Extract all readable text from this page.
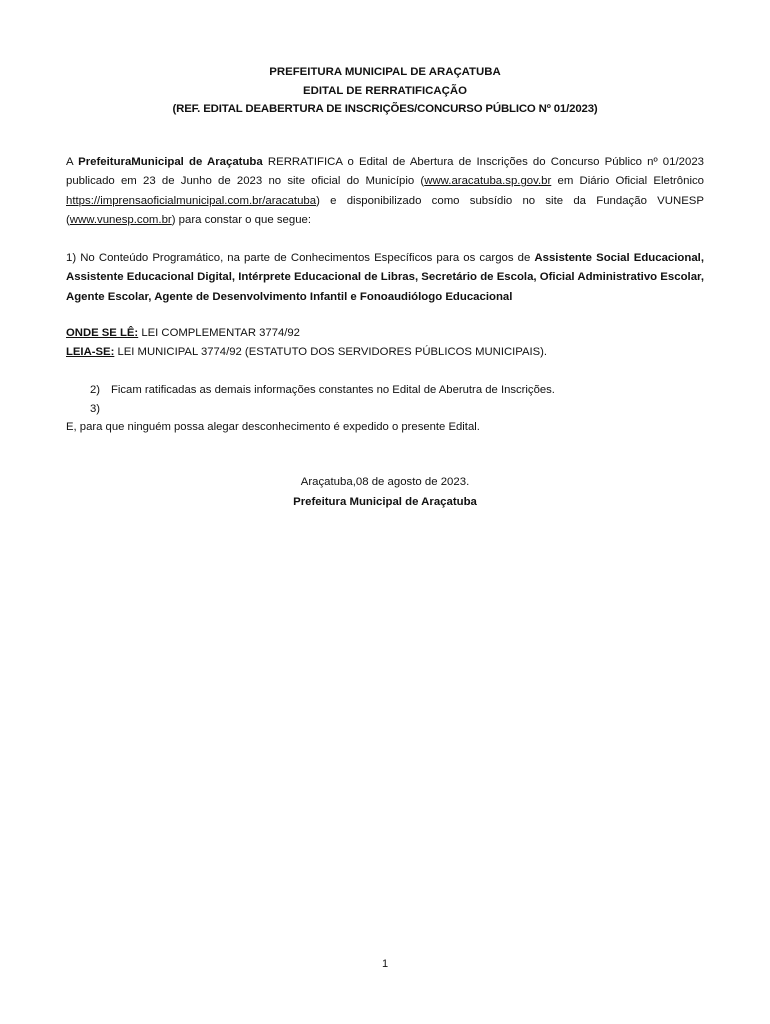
PREFEITURA MUNICIPAL DE ARAÇATUBA
EDITAL DE RERRATIFICAÇÃO
(REF. EDITAL DEABERTURA DE INSCRIÇÕES/CONCURSO PÚBLICO Nº 01/2023)
A PrefeituraMunicipal de Araçatuba RERRATIFICA o Edital de Abertura de Inscrições do Concurso Público nº 01/2023 publicado em 23 de Junho de 2023 no site oficial do Município (www.aracatuba.sp.gov.br em Diário Oficial Eletrônico https://imprensaoficialmunicipal.com.br/aracatuba) e disponibilizado como subsídio no site da Fundação VUNESP (www.vunesp.com.br) para constar o que segue:
1) No Conteúdo Programático, na parte de Conhecimentos Específicos para os cargos de Assistente Social Educacional, Assistente Educacional Digital, Intérprete Educacional de Libras, Secretário de Escola, Oficial Administrativo Escolar, Agente Escolar, Agente de Desenvolvimento Infantil e Fonoaudiólogo Educacional
ONDE SE LÊ: LEI COMPLEMENTAR 3774/92
LEIA-SE: LEI MUNICIPAL 3774/92 (ESTATUTO DOS SERVIDORES PÚBLICOS MUNICIPAIS).
2) Ficam ratificadas as demais informações constantes no Edital de Aberutra de Inscrições.
3)
E, para que ninguém possa alegar desconhecimento é expedido o presente Edital.
Araçatuba,08 de agosto de 2023.
Prefeitura Municipal de Araçatuba
1
